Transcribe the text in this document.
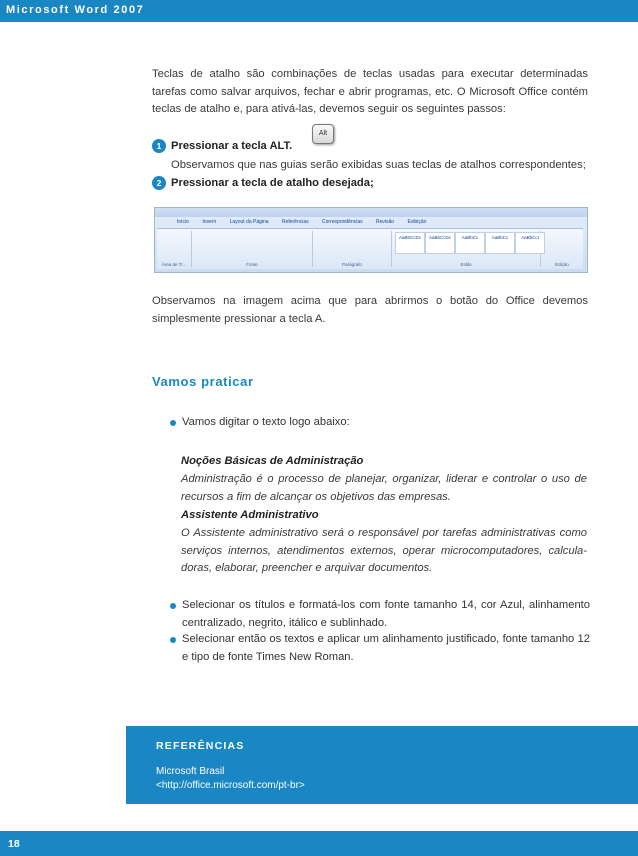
Microsoft Word 2007
Teclas de atalho são combinações de teclas usadas para executar determinadas tarefas como salvar arquivos, fechar e abrir programas, etc. O Microsoft Office contém teclas de atalho e, para ativá-las, devemos seguir os seguintes passos:
1 Pressionar a tecla ALT.
Alt
Observamos que nas guias serão exibidas suas teclas de atalhos correspondentes;
2 Pressionar a tecla de atalho desejada;
Início	Inserir	Layout da Página	Referências	Correspondências	Revisão	Exibição
Área de Tr...	Fonte	Parágrafo	Estilo	Edição
AaBbCcDc	AaBbCcDc	AaBbCc	AaBbCc	AaBbCcI
Observamos na imagem acima que para abrirmos o botão do Office devemos simplesmente pressionar a tecla A.
Vamos praticar
Vamos digitar o texto logo abaixo:
Noções Básicas de Administração
Administração é o processo de planejar, organizar, liderar e controlar o uso de recursos a fim de alcançar os objetivos das empresas.
Assistente Administrativo
O Assistente administrativo será o responsável por tarefas administrativas como serviços internos, atendimentos externos, operar microcomputadores, calcula-doras, elaborar, preencher e arquivar documentos.
Selecionar os títulos e formatá-los com fonte tamanho 14, cor Azul, alinhamento centralizado, negrito, itálico e sublinhado.
Selecionar então os textos e aplicar um alinhamento justificado, fonte tamanho 12 e tipo de fonte Times New Roman.
REFERÊNCIAS
Microsoft Brasil
<http://office.microsoft.com/pt-br>
18
